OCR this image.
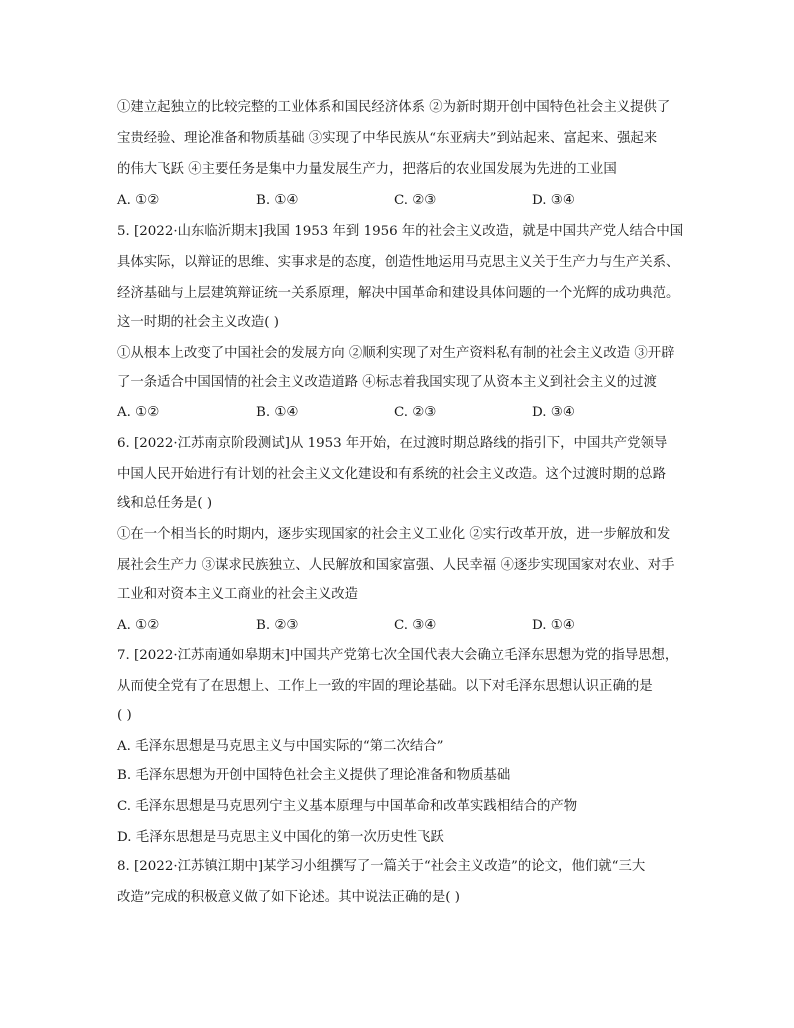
①建立起独立的比较完整的工业体系和国民经济体系 ②为新时期开创中国特色社会主义提供了
宝贵经验、理论准备和物质基础 ③实现了中华民族从“东亚病夫”到站起来、富起来、强起来
的伟大飞跃 ④主要任务是集中力量发展生产力，把落后的农业国发展为先进的工业国
A. ①②	B. ①④	C. ②③	D. ③④
5. [2022·山东临沂期末]我国 1953 年到 1956 年的社会主义改造，就是中国共产党人结合中国
具体实际，以辩证的思维、实事求是的态度，创造性地运用马克思主义关于生产力与生产关系、
经济基础与上层建筑辩证统一关系原理，解决中国革命和建设具体问题的一个光辉的成功典范。
这一时期的社会主义改造( )
①从根本上改变了中国社会的发展方向 ②顺利实现了对生产资料私有制的社会主义改造 ③开辟
了一条适合中国国情的社会主义改造道路 ④标志着我国实现了从资本主义到社会主义的过渡
A. ①②	B. ①④	C. ②③	D. ③④
6. [2022·江苏南京阶段测试]从 1953 年开始，在过渡时期总路线的指引下，中国共产党领导
中国人民开始进行有计划的社会主义文化建设和有系统的社会主义改造。这个过渡时期的总路
线和总任务是( )
①在一个相当长的时期内，逐步实现国家的社会主义工业化 ②实行改革开放，进一步解放和发
展社会生产力 ③谋求民族独立、人民解放和国家富强、人民幸福 ④逐步实现国家对农业、对手
工业和对资本主义工商业的社会主义改造
A. ①②	B. ②③	C. ③④	D. ①④
7. [2022·江苏南通如皋期末]中国共产党第七次全国代表大会确立毛泽东思想为党的指导思想，
从而使全党有了在思想上、工作上一致的牢固的理论基础。以下对毛泽东思想认识正确的是
( )
A. 毛泽东思想是马克思主义与中国实际的“第二次结合”
B. 毛泽东思想为开创中国特色社会主义提供了理论准备和物质基础
C. 毛泽东思想是马克思列宁主义基本原理与中国革命和改革实践相结合的产物
D. 毛泽东思想是马克思主义中国化的第一次历史性飞跃
8. [2022·江苏镇江期中]某学习小组撰写了一篇关于“社会主义改造”的论文，他们就“三大
改造”完成的积极意义做了如下论述。其中说法正确的是( )
